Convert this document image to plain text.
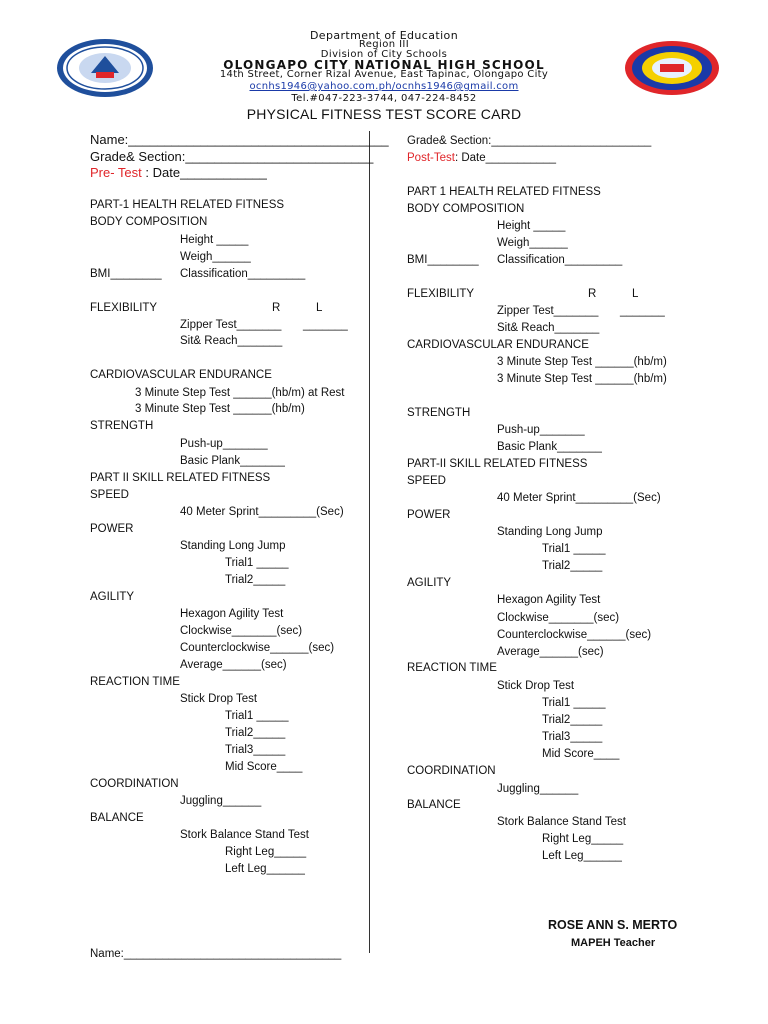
Department of Education
Region III
Division of City Schools
OLONGAPO CITY NATIONAL HIGH SCHOOL
14th Street, Corner Rizal Avenue, East Tapinac, Olongapo City
ocnhs1946@yahoo.com.ph/ocnhs1946@gmail.com
Tel.#047-223-3744, 047-224-8452
PHYSICAL FITNESS TEST SCORE CARD
Name:____________________________________
Grade& Section:__________________________
Pre- Test : Date____________
PART-1 HEALTH RELATED FITNESS
BODY COMPOSITION
Height _____
Weigh______
BMI________ Classification_________
FLEXIBILITY	R	L
Zipper Test_______ _______
Sit& Reach_______
CARDIOVASCULAR ENDURANCE
3 Minute Step Test ______(hb/m) at Rest
3 Minute Step Test ______(hb/m)
STRENGTH
Push-up_______
Basic Plank_______
PART II SKILL RELATED FITNESS
SPEED
40 Meter Sprint_________(Sec)
POWER
Standing Long Jump
Trial1 _____
Trial2_____
AGILITY
Hexagon Agility Test
Clockwise_______(sec)
Counterclockwise______(sec)
Average______(sec)
REACTION TIME
Stick Drop Test
Trial1 _____
Trial2_____
Trial3_____
Mid Score____
COORDINATION
Juggling______
BALANCE
Stork Balance Stand Test
Right Leg_____
Left Leg______
Name:__________________________________
Grade& Section:_________________________
Post-Test: Date___________
PART 1 HEALTH RELATED FITNESS
BODY COMPOSITION
Height _____
Weigh______
BMI________ Classification_________
FLEXIBILITY	R	L
Zipper Test_______ _______
Sit& Reach_______
CARDIOVASCULAR ENDURANCE
3 Minute Step Test ______(hb/m)
3 Minute Step Test ______(hb/m)
STRENGTH
Push-up_______
Basic Plank_______
PART-II SKILL RELATED FITNESS
SPEED
40 Meter Sprint_________(Sec)
POWER
Standing Long Jump
Trial1 _____
Trial2_____
AGILITY
Hexagon Agility Test
Clockwise_______(sec)
Counterclockwise______(sec)
Average______(sec)
REACTION TIME
Stick Drop Test
Trial1 _____
Trial2_____
Trial3_____
Mid Score____
COORDINATION
Juggling______
BALANCE
Stork Balance Stand Test
Right Leg_____
Left Leg______
ROSE ANN S. MERTO
MAPEH Teacher
